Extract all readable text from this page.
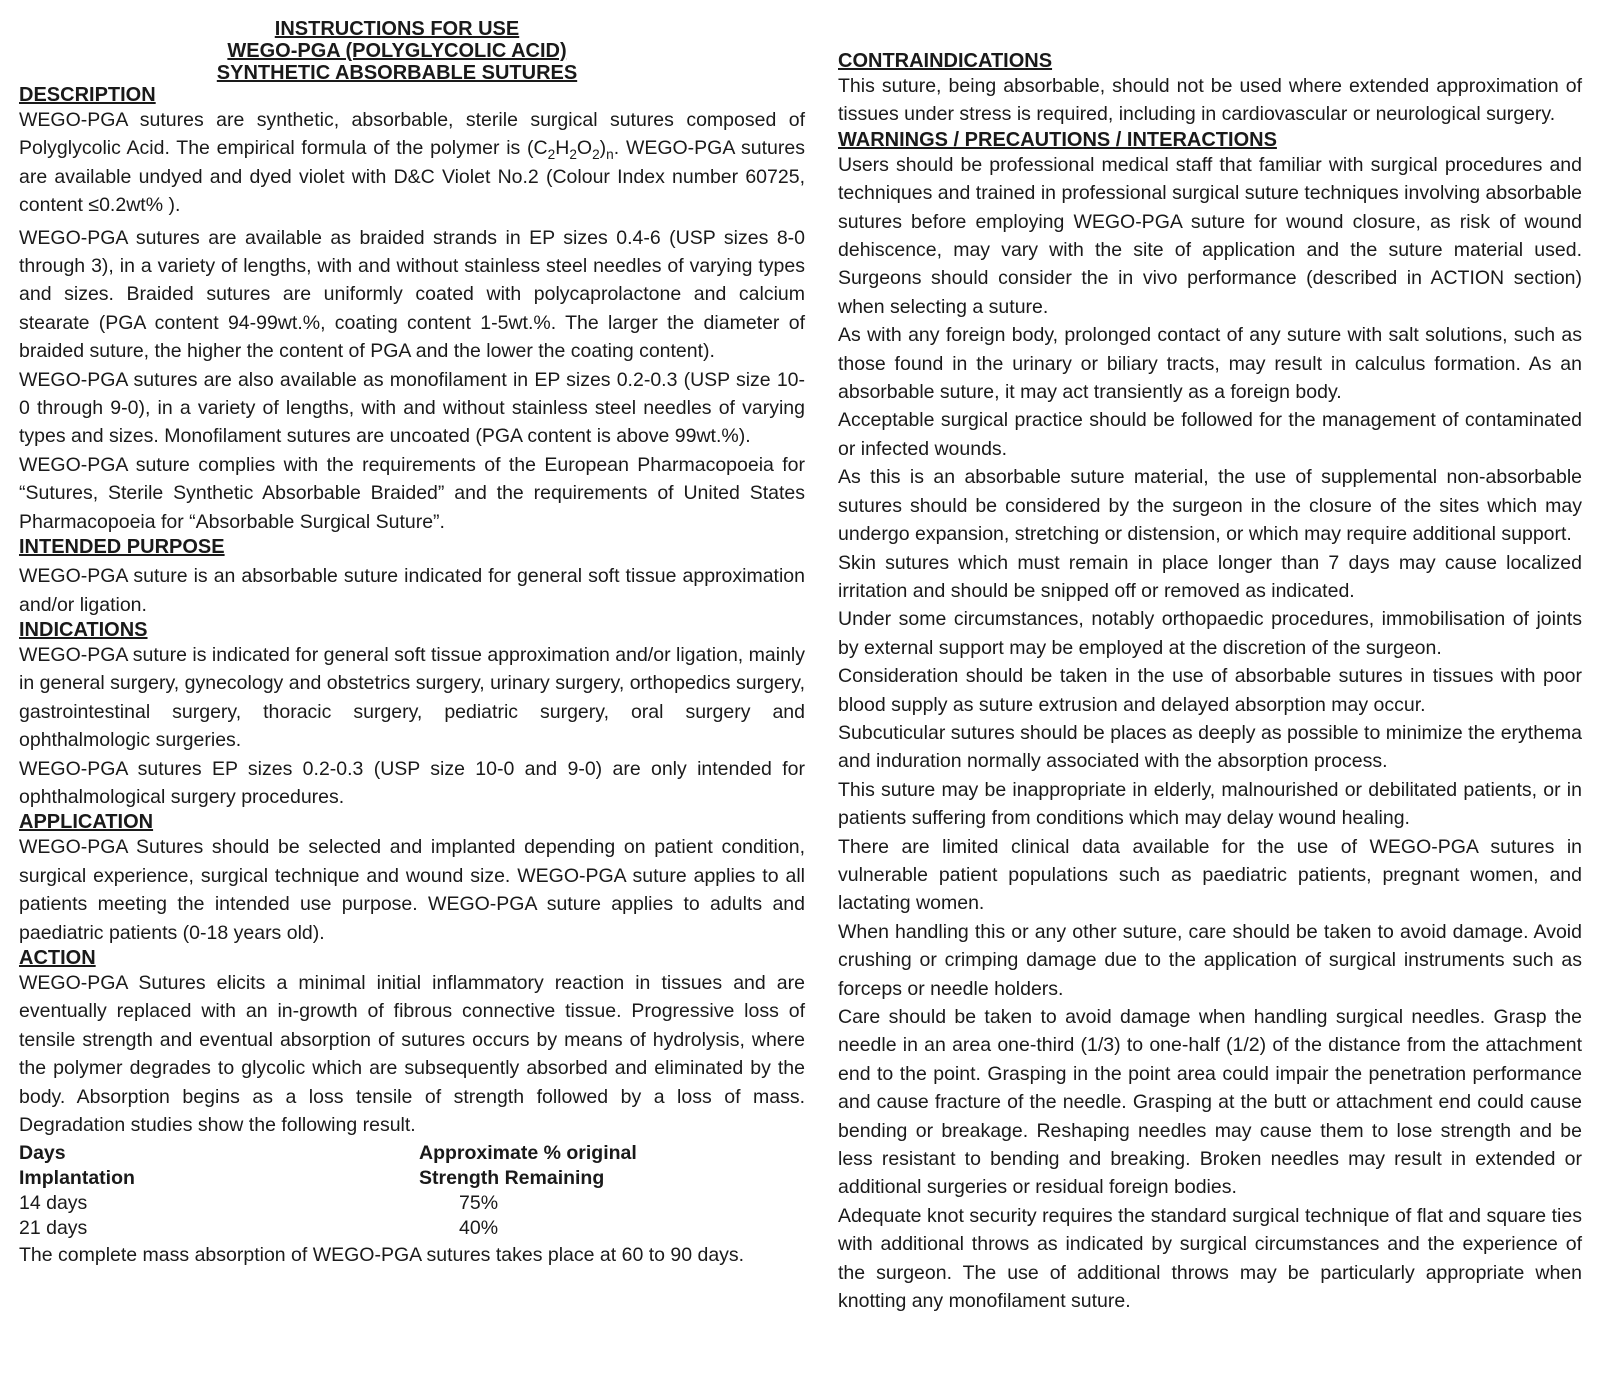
INSTRUCTIONS FOR USE
WEGO-PGA (POLYGLYCOLIC ACID)
SYNTHETIC ABSORBABLE SUTURES

DESCRIPTION

WEGO-PGA sutures are synthetic, absorbable, sterile surgical sutures composed of Polyglycolic Acid. The empirical formula of the polymer is $(C_2H_2O_2)_n$. WEGO-PGA sutures are available undyed and dyed violet with D&C Violet No.2 (Colour Index number 60725, content ≤0.2wt% ).

WEGO-PGA sutures are available as braided strands in EP sizes 0.4-6 (USP sizes 8-0 through 3), in a variety of lengths, with and without stainless steel needles of varying types and sizes. Braided sutures are uniformly coated with polycaprolactone and calcium stearate (PGA content 94-99wt.%, coating content 1-5wt.%. The larger the diameter of braided suture, the higher the content of PGA and the lower the coating content).

WEGO-PGA sutures are also available as monofilament in EP sizes 0.2-0.3 (USP size 10-0 through 9-0), in a variety of lengths, with and without stainless steel needles of varying types and sizes. Monofilament sutures are uncoated (PGA content is above 99wt.%).

WEGO-PGA suture complies with the requirements of the European Pharmacopoeia for “Sutures, Sterile Synthetic Absorbable Braided” and the requirements of United States Pharmacopoeia for “Absorbable Surgical Suture”.

INTENDED PURPOSE

WEGO-PGA suture is an absorbable suture indicated for general soft tissue approximation and/or ligation.

INDICATIONS

WEGO-PGA suture is indicated for general soft tissue approximation and/or ligation, mainly in general surgery, gynecology and obstetrics surgery, urinary surgery, orthopedics surgery, gastrointestinal surgery, thoracic surgery, pediatric surgery, oral surgery and ophthalmologic surgeries.

WEGO-PGA sutures EP sizes 0.2-0.3 (USP size 10-0 and 9-0) are only intended for ophthalmological surgery procedures.

APPLICATION

WEGO-PGA Sutures should be selected and implanted depending on patient condition, surgical experience, surgical technique and wound size. WEGO-PGA suture applies to all patients meeting the intended use purpose. WEGO-PGA suture applies to adults and paediatric patients (0-18 years old).

ACTION

WEGO-PGA Sutures elicits a minimal initial inflammatory reaction in tissues and are eventually replaced with an in-growth of fibrous connective tissue. Progressive loss of tensile strength and eventual absorption of sutures occurs by means of hydrolysis, where the polymer degrades to glycolic which are subsequently absorbed and eliminated by the body. Absorption begins as a loss tensile of strength followed by a loss of mass. Degradation studies show the following result.

Days	Approximate % original
Implantation	Strength Remaining
14 days	75%
21 days	40%

The complete mass absorption of WEGO-PGA sutures takes place at 60 to 90 days.

CONTRAINDICATIONS

This suture, being absorbable, should not be used where extended approximation of tissues under stress is required, including in cardiovascular or neurological surgery.

WARNINGS / PRECAUTIONS / INTERACTIONS

Users should be professional medical staff that familiar with surgical procedures and techniques and trained in professional surgical suture techniques involving absorbable sutures before employing WEGO-PGA suture for wound closure, as risk of wound dehiscence, may vary with the site of application and the suture material used. Surgeons should consider the in vivo performance (described in ACTION section) when selecting a suture.

As with any foreign body, prolonged contact of any suture with salt solutions, such as those found in the urinary or biliary tracts, may result in calculus formation. As an absorbable suture, it may act transiently as a foreign body.

Acceptable surgical practice should be followed for the management of contaminated or infected wounds.

As this is an absorbable suture material, the use of supplemental non-absorbable sutures should be considered by the surgeon in the closure of the sites which may undergo expansion, stretching or distension, or which may require additional support.

Skin sutures which must remain in place longer than 7 days may cause localized irritation and should be snipped off or removed as indicated.

Under some circumstances, notably orthopaedic procedures, immobilisation of joints by external support may be employed at the discretion of the surgeon.

Consideration should be taken in the use of absorbable sutures in tissues with poor blood supply as suture extrusion and delayed absorption may occur.

Subcuticular sutures should be places as deeply as possible to minimize the erythema and induration normally associated with the absorption process.

This suture may be inappropriate in elderly, malnourished or debilitated patients, or in patients suffering from conditions which may delay wound healing.

There are limited clinical data available for the use of WEGO-PGA sutures in vulnerable patient populations such as paediatric patients, pregnant women, and lactating women.

When handling this or any other suture, care should be taken to avoid damage. Avoid crushing or crimping damage due to the application of surgical instruments such as forceps or needle holders.

Care should be taken to avoid damage when handling surgical needles. Grasp the needle in an area one-third (1/3) to one-half (1/2) of the distance from the attachment end to the point. Grasping in the point area could impair the penetration performance and cause fracture of the needle. Grasping at the butt or attachment end could cause bending or breakage. Reshaping needles may cause them to lose strength and be less resistant to bending and breaking. Broken needles may result in extended or additional surgeries or residual foreign bodies.

Adequate knot security requires the standard surgical technique of flat and square ties with additional throws as indicated by surgical circumstances and the experience of the surgeon. The use of additional throws may be particularly appropriate when knotting any monofilament suture.
